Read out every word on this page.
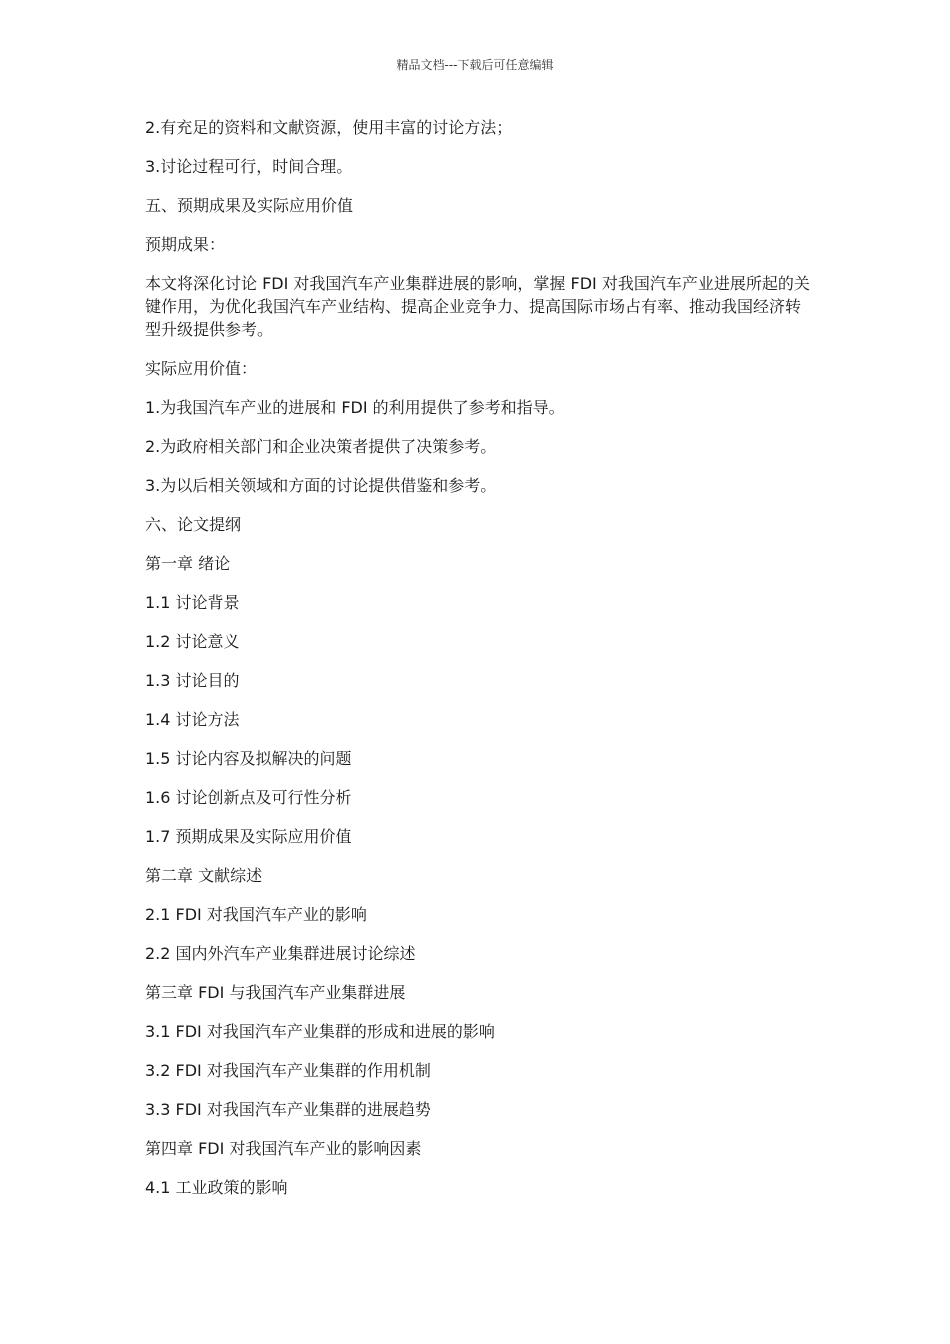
精品文档---下载后可任意编辑

2.有充足的资料和文献资源，使用丰富的讨论方法；

3.讨论过程可行，时间合理。

五、预期成果及实际应用价值

预期成果：

本文将深化讨论 FDI 对我国汽车产业集群进展的影响，掌握 FDI 对我国汽车产业进展所起的关键作用，为优化我国汽车产业结构、提高企业竞争力、提高国际市场占有率、推动我国经济转型升级提供参考。

实际应用价值：

1.为我国汽车产业的进展和 FDI 的利用提供了参考和指导。

2.为政府相关部门和企业决策者提供了决策参考。

3.为以后相关领域和方面的讨论提供借鉴和参考。

六、论文提纲

第一章 绪论

1.1 讨论背景

1.2 讨论意义

1.3 讨论目的

1.4 讨论方法

1.5 讨论内容及拟解决的问题

1.6 讨论创新点及可行性分析

1.7 预期成果及实际应用价值

第二章 文献综述

2.1 FDI 对我国汽车产业的影响

2.2 国内外汽车产业集群进展讨论综述

第三章 FDI 与我国汽车产业集群进展

3.1 FDI 对我国汽车产业集群的形成和进展的影响

3.2 FDI 对我国汽车产业集群的作用机制

3.3 FDI 对我国汽车产业集群的进展趋势

第四章 FDI 对我国汽车产业的影响因素

4.1 工业政策的影响
